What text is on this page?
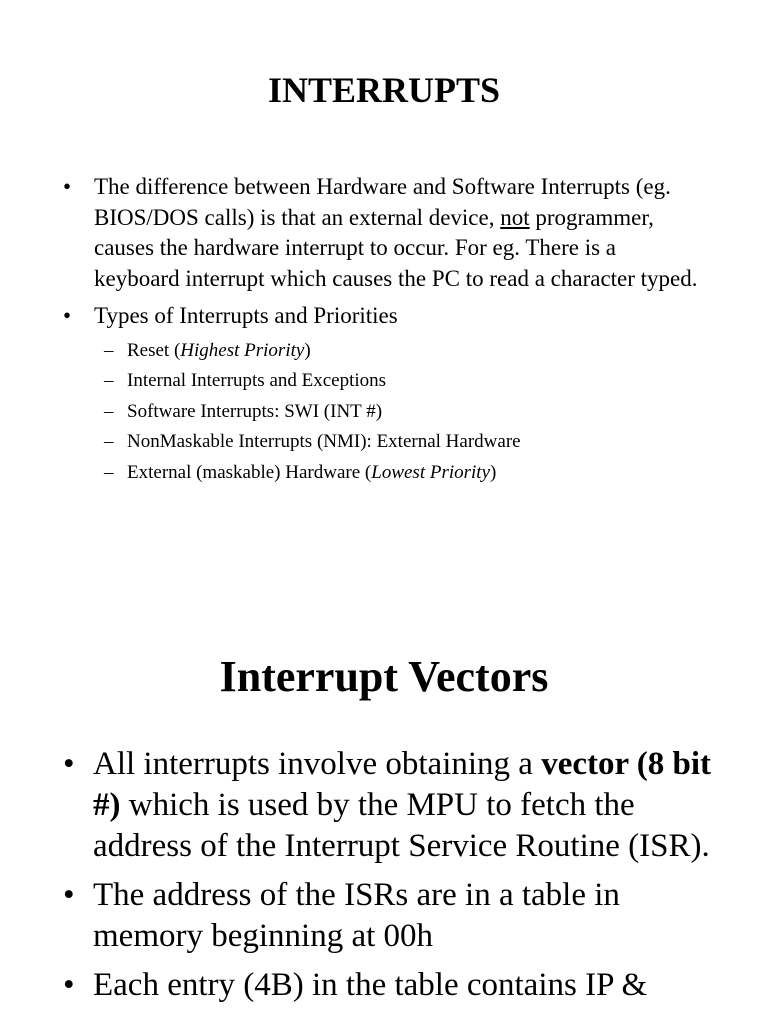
INTERRUPTS
• The difference between Hardware and Software Interrupts (eg. BIOS/DOS calls) is that an external device, not programmer, causes the hardware interrupt to occur. For eg. There is a keyboard interrupt which causes the PC to read a character typed.
• Types of Interrupts and Priorities
– Reset (Highest Priority)
– Internal Interrupts and Exceptions
– Software Interrupts: SWI (INT #)
– NonMaskable Interrupts (NMI): External Hardware
– External (maskable) Hardware (Lowest Priority)
Interrupt Vectors
• All interrupts involve obtaining a vector (8 bit #) which is used by the MPU to fetch the address of the Interrupt Service Routine (ISR).
• The address of the ISRs are in a table in memory beginning at 00h
• Each entry (4B) in the table contains IP &
